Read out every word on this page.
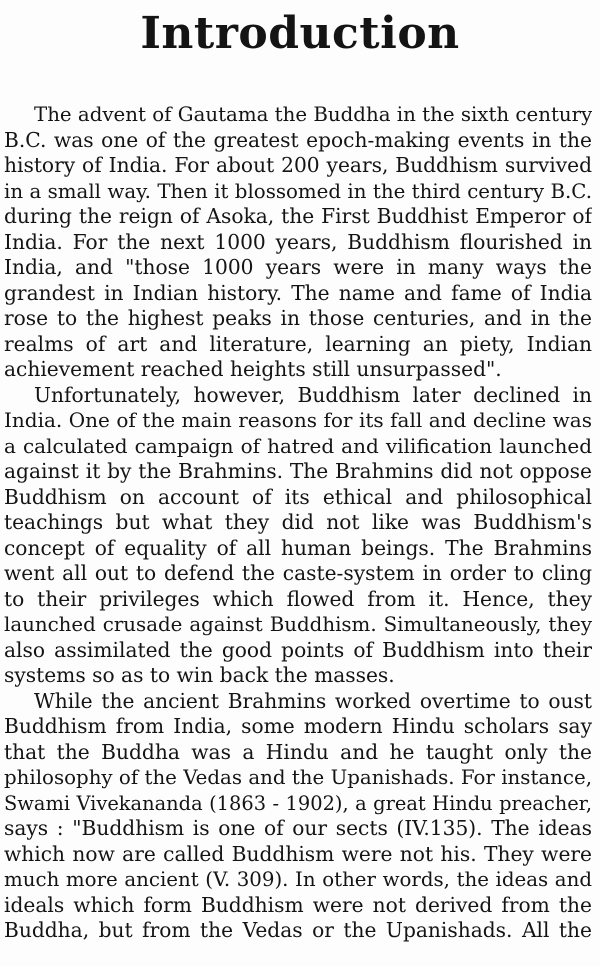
Introduction

The advent of Gautama the Buddha in the sixth century
B.C. was one of the greatest epoch-making events in the
history of India. For about 200 years, Buddhism survived
in a small way. Then it blossomed in the third century B.C.
during the reign of Asoka, the First Buddhist Emperor of
India. For the next 1000 years, Buddhism flourished in
India, and "those 1000 years were in many ways the
grandest in Indian history. The name and fame of India
rose to the highest peaks in those centuries, and in the
realms of art and literature, learning an piety, Indian
achievement reached heights still unsurpassed".

Unfortunately, however, Buddhism later declined in
India. One of the main reasons for its fall and decline was
a calculated campaign of hatred and vilification launched
against it by the Brahmins. The Brahmins did not oppose
Buddhism on account of its ethical and philosophical
teachings but what they did not like was Buddhism's
concept of equality of all human beings. The Brahmins
went all out to defend the caste-system in order to cling
to their privileges which flowed from it. Hence, they
launched crusade against Buddhism. Simultaneously, they
also assimilated the good points of Buddhism into their
systems so as to win back the masses.

While the ancient Brahmins worked overtime to oust
Buddhism from India, some modern Hindu scholars say
that the Buddha was a Hindu and he taught only the
philosophy of the Vedas and the Upanishads. For instance,
Swami Vivekananda (1863 - 1902), a great Hindu preacher,
says : "Buddhism is one of our sects (IV.135). The ideas
which now are called Buddhism were not his. They were
much more ancient (V. 309). In other words, the ideas and
ideals which form Buddhism were not derived from the
Buddha, but from the Vedas or the Upanishads. All the
